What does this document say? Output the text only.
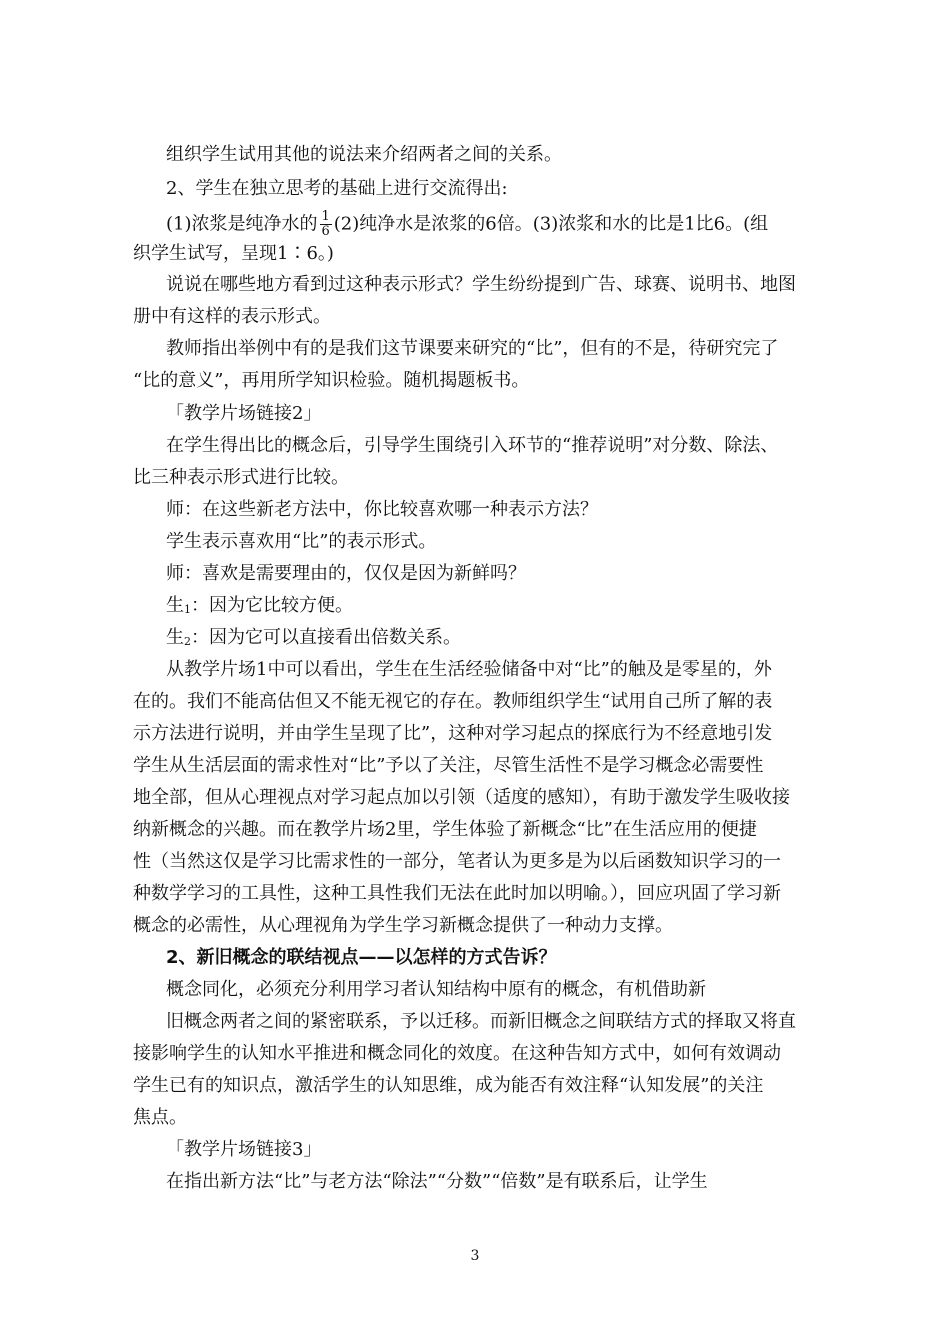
组织学生试用其他的说法来介绍两者之间的关系。
2、学生在独立思考的基础上进行交流得出:
(1)浓浆是纯净水的 $\frac{1}{6} (2)$纯净水是浓浆的6倍。(3)浓浆和水的比是1比6。(组
织学生试写，呈现1∶6。)
说说在哪些地方看到过这种表示形式？学生纷纷提到广告、球赛、说明书、地图
册中有这样的表示形式。
教师指出举例中有的是我们这节课要来研究的“比”，但有的不是，待研究完了
“比的意义”，再用所学知识检验。随机揭题板书。
「教学片场链接2」
在学生得出比的概念后，引导学生围绕引入环节的“推荐说明”对分数、除法、
比三种表示形式进行比较。
师：在这些新老方法中，你比较喜欢哪一种表示方法？
学生表示喜欢用“比”的表示形式。
师：喜欢是需要理由的，仅仅是因为新鲜吗？
生$_1$：因为它比较方便。
生$_2$：因为它可以直接看出倍数关系。
从教学片场1中可以看出，学生在生活经验储备中对“比”的触及是零星的，外
在的。我们不能高估但又不能无视它的存在。教师组织学生“试用自己所了解的表
示方法进行说明，并由学生呈现了比”，这种对学习起点的探底行为不经意地引发
学生从生活层面的需求性对“比”予以了关注，尽管生活性不是学习概念必需要性
地全部，但从心理视点对学习起点加以引领（适度的感知），有助于激发学生吸收接
纳新概念的兴趣。而在教学片场2里，学生体验了新概念“比”在生活应用的便捷
性（当然这仅是学习比需求性的一部分，笔者认为更多是为以后函数知识学习的一
种数学学习的工具性，这种工具性我们无法在此时加以明喻。），回应巩固了学习新
概念的必需性，从心理视角为学生学习新概念提供了一种动力支撑。
2、新旧概念的联结视点——以怎样的方式告诉？
概念同化，必须充分利用学习者认知结构中原有的概念，有机借助新
旧概念两者之间的紧密联系，予以迁移。而新旧概念之间联结方式的择取又将直
接影响学生的认知水平推进和概念同化的效度。在这种告知方式中，如何有效调动
学生已有的知识点，激活学生的认知思维，成为能否有效注释“认知发展”的关注
焦点。
「教学片场链接3」
在指出新方法“比”与老方法“除法”“分数”“倍数”是有联系后，让学生
3
